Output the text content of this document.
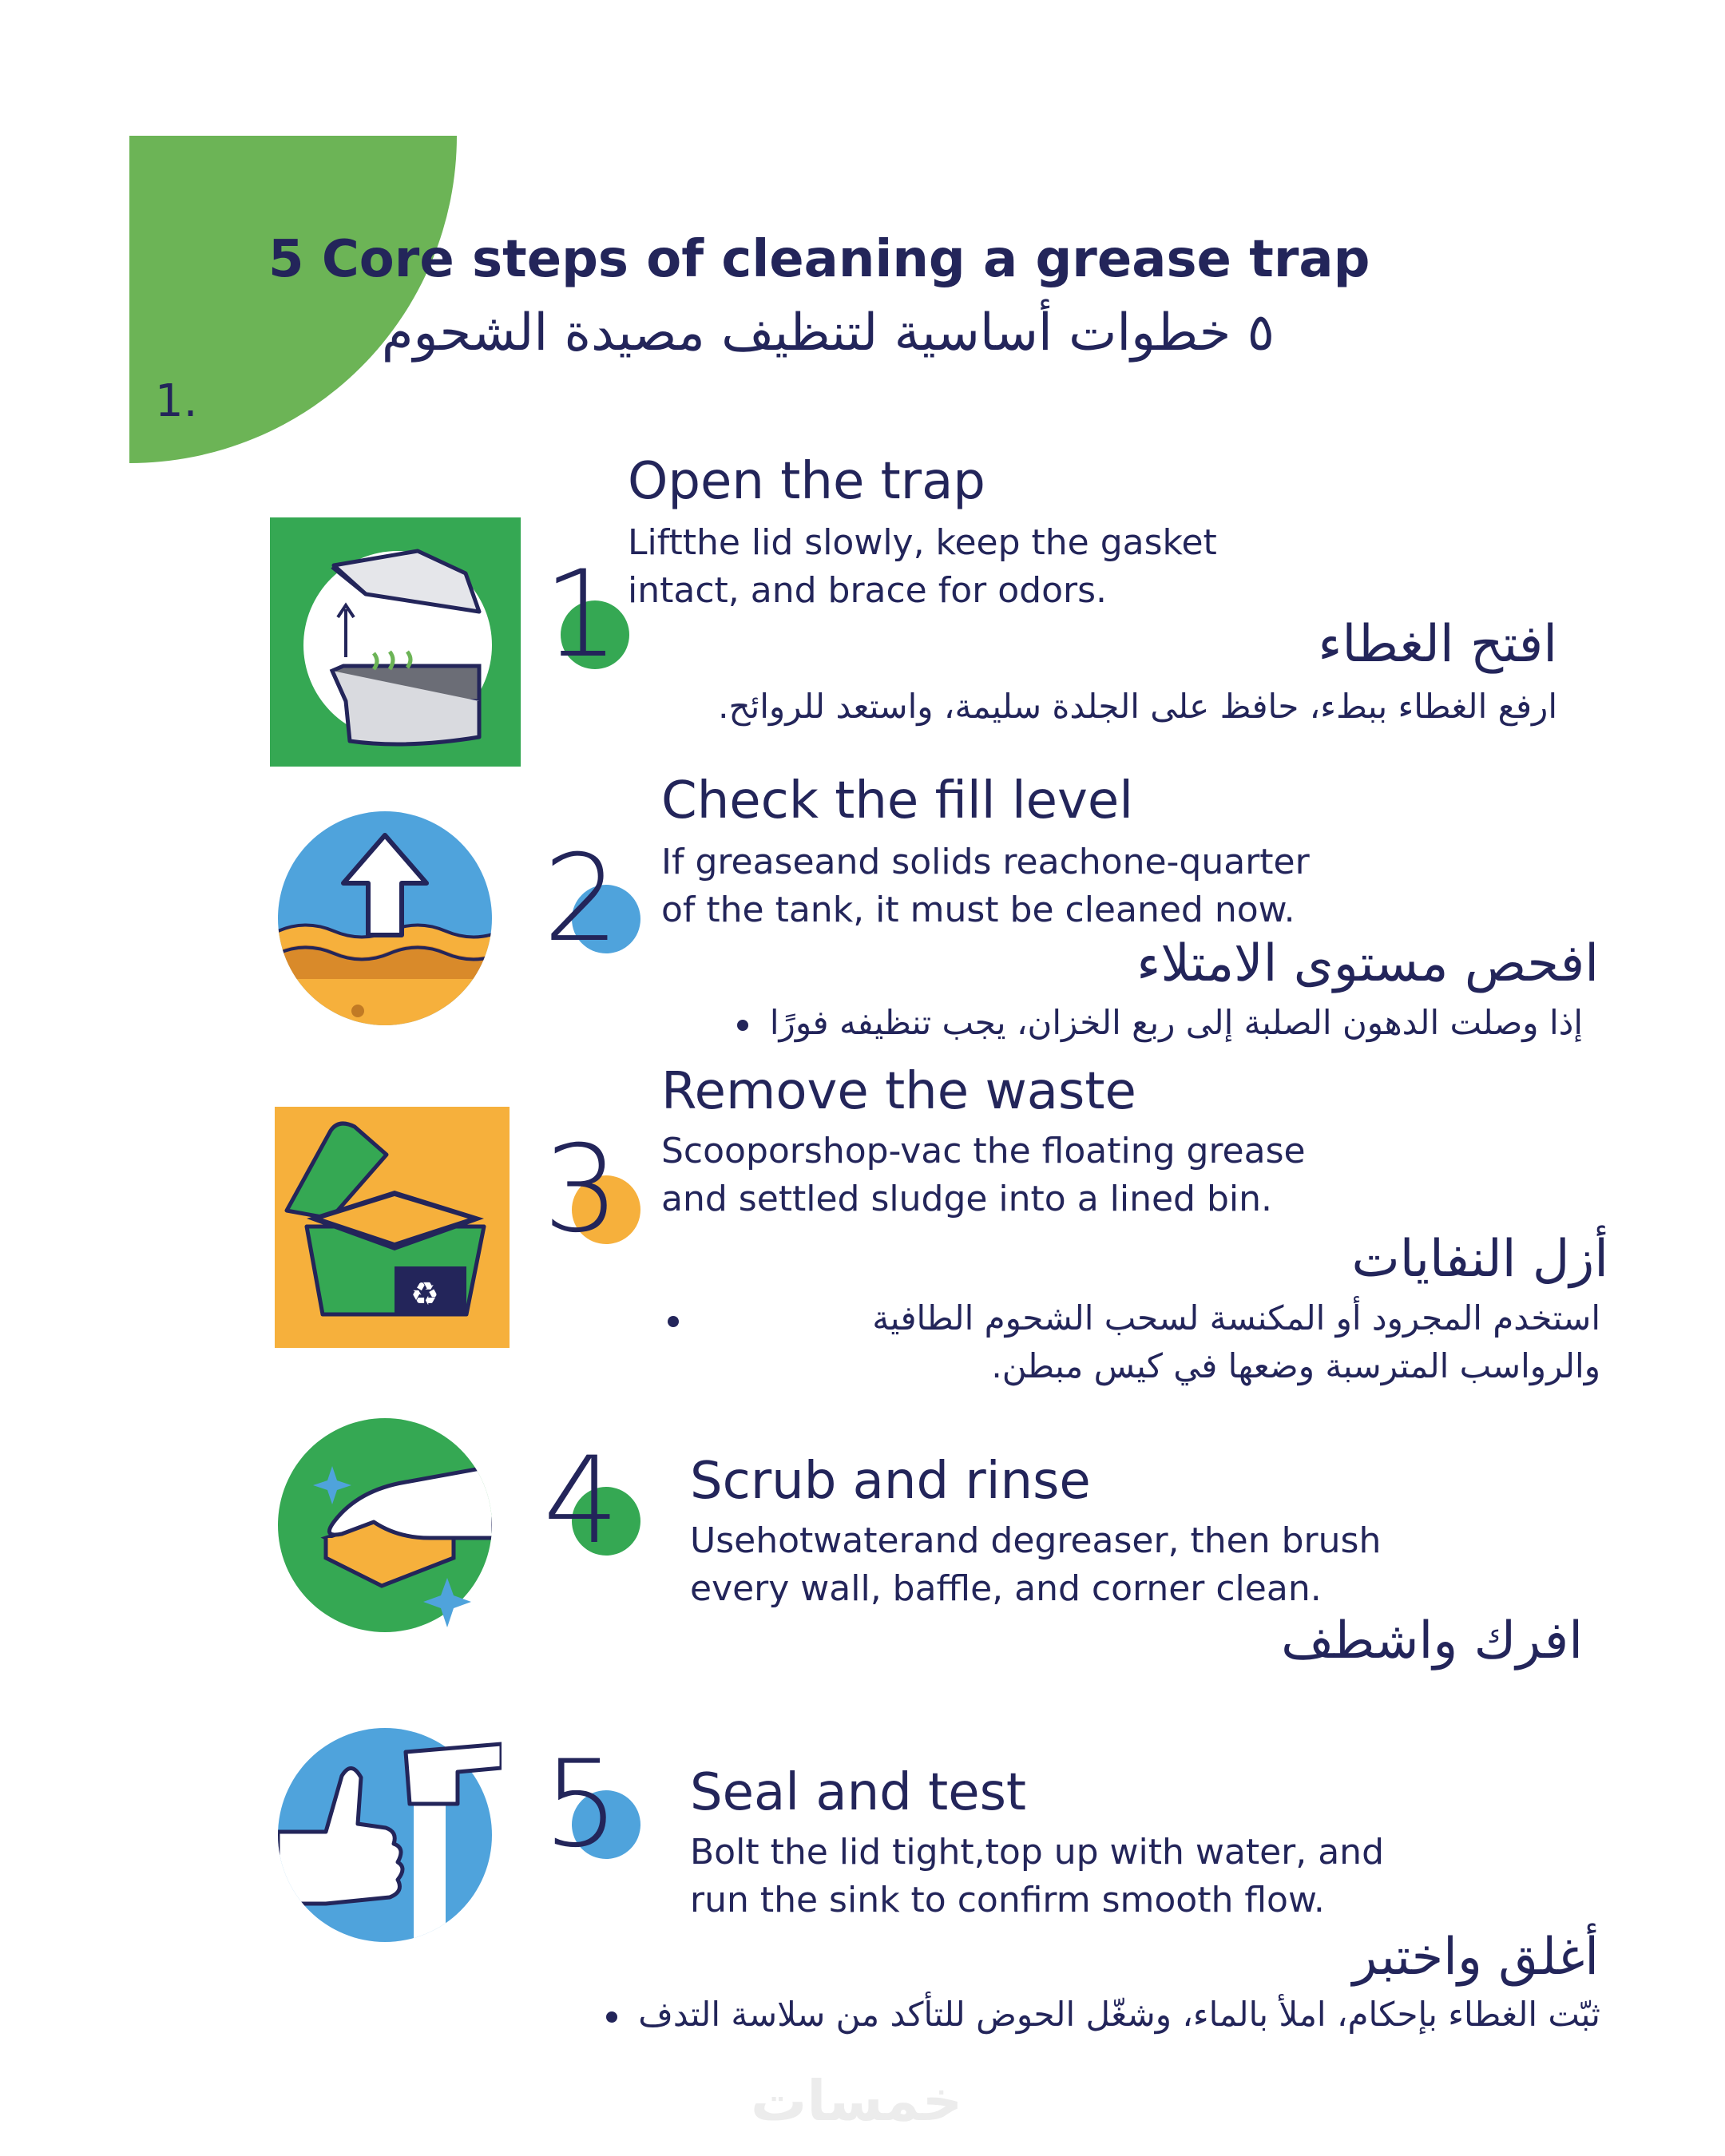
1.
5 Core steps of cleaning a grease trap
٥ خطوات أساسية لتنظيف مصيدة الشحوم
1
Open the trap
Liftthe lid slowly, keep the gasket
intact, and brace for odors.
افتح الغطاء
ارفع الغطاء ببطء، حافظ على الجلدة سليمة، واستعد للروائح.
2
Check the fill level
If greaseand solids reachone-quarter
of the tank, it must be cleaned now.
افحص مستوى الامتلاء
إذا وصلت الدهون الصلبة إلى ربع الخزان، يجب تنظيفه فورًا
♻
3
Remove the waste
Scooporshop-vac the floating grease
and settled sludge into a lined bin.
أزل النفايات
استخدم المجرود أو المكنسة لسحب الشحوم الطافية
والرواسب المترسبة وضعها في كيس مبطن.
4 Scrub and rinse
Usehotwaterand degreaser, then brush
every wall, baffle, and corner clean.
افرك واشطف
5 Seal and test
Bolt the lid tight,top up with water, and
run the sink to confirm smooth flow.
أغلق واختبر
ثبّت الغطاء بإحكام، املأ بالماء، وشغّل الحوض للتأكد من سلاسة التدف
خمسات
